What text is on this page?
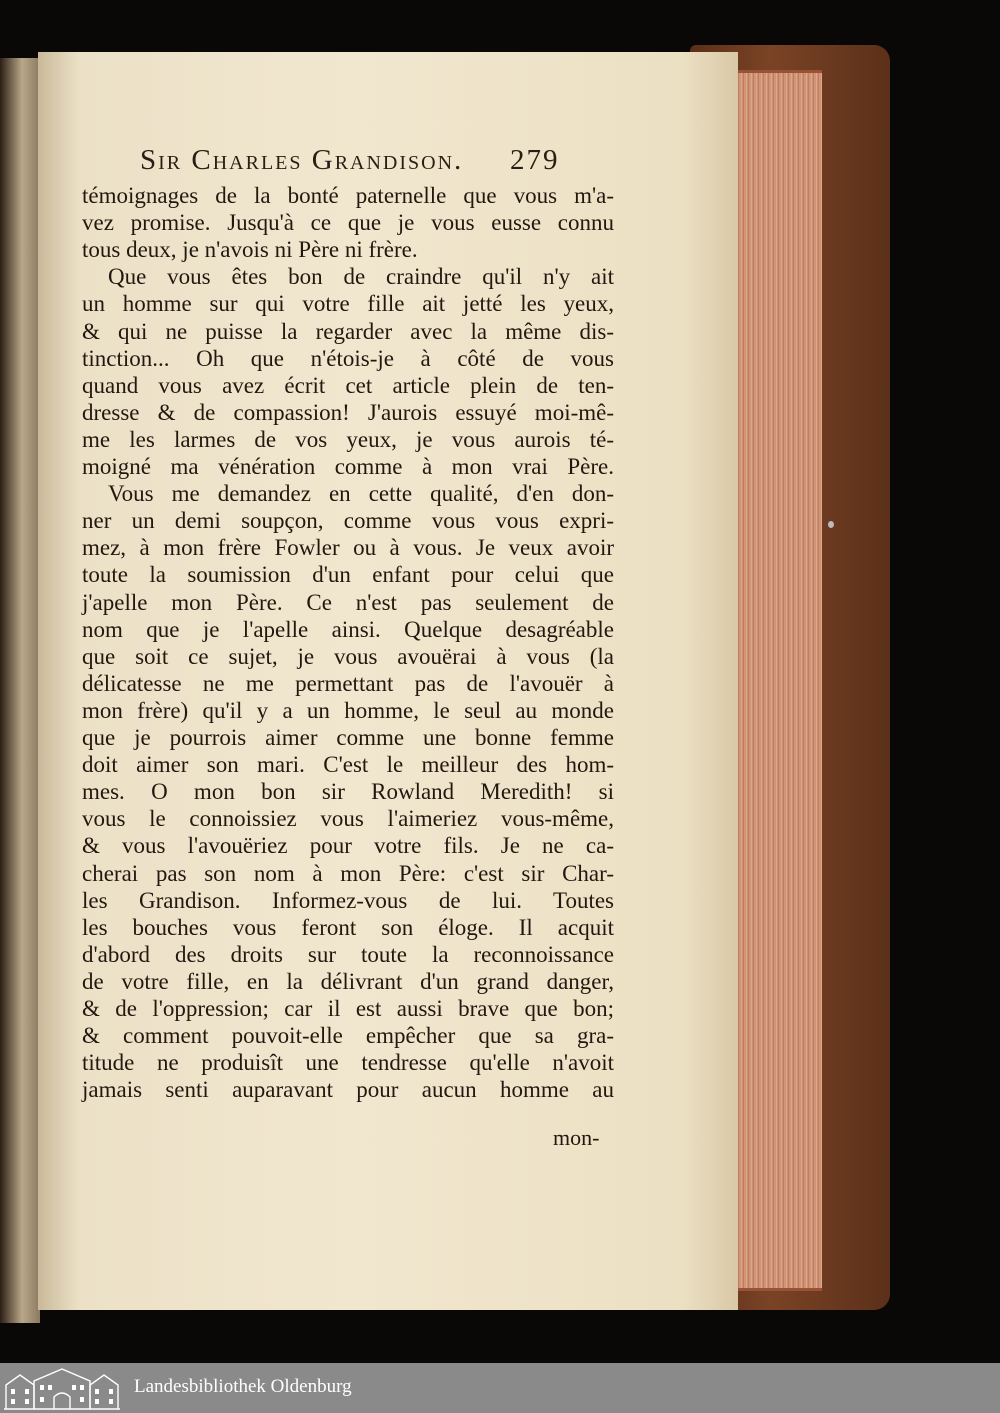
Sir Charles Grandison. 279
témoignages de la bonté paternelle que vous m'a-
vez promise. Jusqu'à ce que je vous eusse connu
tous deux, je n'avois ni Père ni frère.
Que vous êtes bon de craindre qu'il n'y ait
un homme sur qui votre fille ait jetté les yeux,
& qui ne puisse la regarder avec la même dis-
tinction... Oh que n'étois-je à côté de vous
quand vous avez écrit cet article plein de ten-
dresse & de compassion! J'aurois essuyé moi-mê-
me les larmes de vos yeux, je vous aurois té-
moigné ma vénération comme à mon vrai Père.
Vous me demandez en cette qualité, d'en don-
ner un demi soupçon, comme vous vous expri-
mez, à mon frère Fowler ou à vous. Je veux avoir
toute la soumission d'un enfant pour celui que
j'apelle mon Père. Ce n'est pas seulement de
nom que je l'apelle ainsi. Quelque desagréable
que soit ce sujet, je vous avouërai à vous (la
délicatesse ne me permettant pas de l'avouër à
mon frère) qu'il y a un homme, le seul au monde
que je pourrois aimer comme une bonne femme
doit aimer son mari. C'est le meilleur des hom-
mes. O mon bon sir Rowland Meredith! si
vous le connoissiez vous l'aimeriez vous-même,
& vous l'avouëriez pour votre fils. Je ne ca-
cherai pas son nom à mon Père: c'est sir Char-
les Grandison. Informez-vous de lui. Toutes
les bouches vous feront son éloge. Il acquit
d'abord des droits sur toute la reconnoissance
de votre fille, en la délivrant d'un grand danger,
& de l'oppression; car il est aussi brave que bon;
& comment pouvoit-elle empêcher que sa gra-
titude ne produisît une tendresse qu'elle n'avoit
jamais senti auparavant pour aucun homme au
mon-
Landesbibliothek Oldenburg
